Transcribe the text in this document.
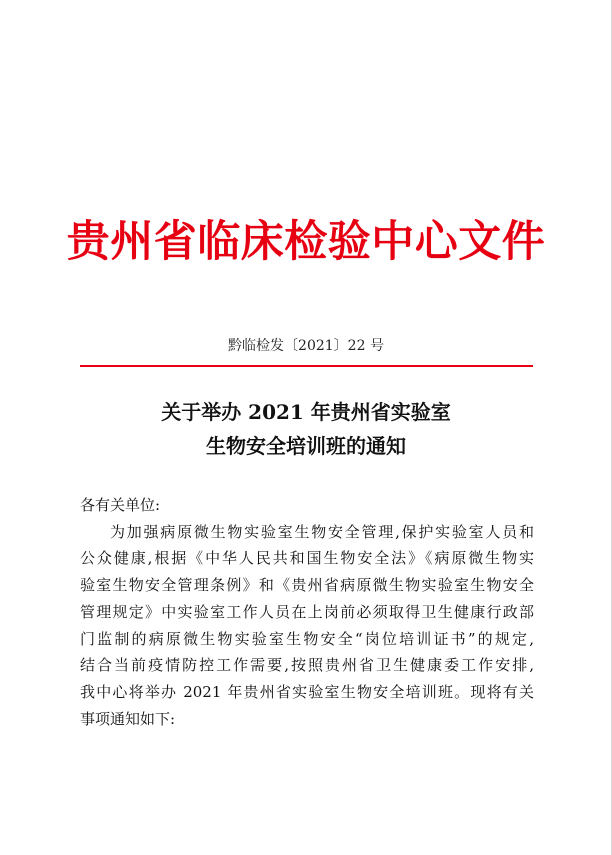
贵州省临床检验中心文件
黔临检发〔2021〕22 号
关于举办 2021 年贵州省实验室
生物安全培训班的通知

各有关单位:

为加强病原微生物实验室生物安全管理,保护实验室人员和

公众健康,根据《中华人民共和国生物安全法》《病原微生物实

验室生物安全管理条例》和《贵州省病原微生物实验室生物安全

管理规定》中实验室工作人员在上岗前必须取得卫生健康行政部

门监制的病原微生物实验室生物安全“岗位培训证书”的规定,

结合当前疫情防控工作需要,按照贵州省卫生健康委工作安排,

我中心将举办 2021 年贵州省实验室生物安全培训班。现将有关

事项通知如下:
